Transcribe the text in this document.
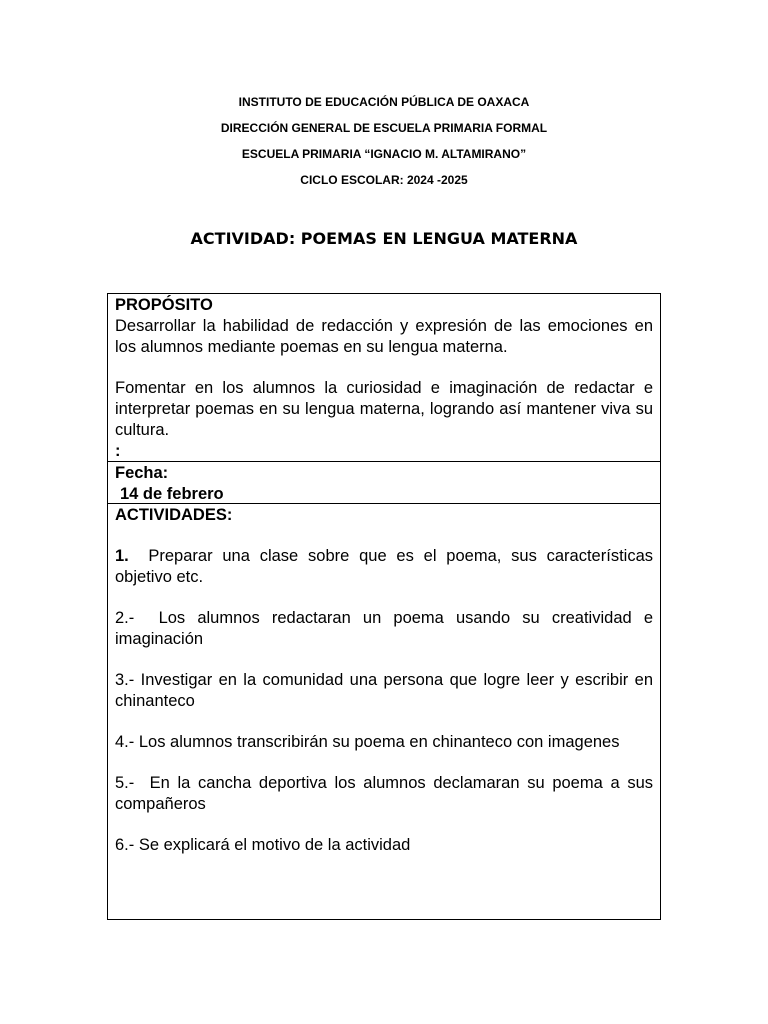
INSTITUTO DE EDUCACIÓN PÚBLICA DE OAXACA
DIRECCIÓN GENERAL DE ESCUELA PRIMARIA FORMAL
ESCUELA PRIMARIA “IGNACIO M. ALTAMIRANO”
CICLO ESCOLAR: 2024 -2025
ACTIVIDAD: POEMAS EN LENGUA MATERNA
PROPÓSITO
Desarrollar la habilidad de redacción y expresión de las emociones en los alumnos mediante poemas en su lengua materna.
Fomentar en los alumnos la curiosidad e imaginación de redactar e interpretar poemas en su lengua materna, logrando así mantener viva su cultura.
:
Fecha:
14 de febrero
ACTIVIDADES:
1. Preparar una clase sobre que es el poema, sus características objetivo etc.
2.- Los alumnos redactaran un poema usando su creatividad e imaginación
3.- Investigar en la comunidad una persona que logre leer y escribir en chinanteco
4.- Los alumnos transcribirán su poema en chinanteco con imagenes
5.- En la cancha deportiva los alumnos declamaran su poema a sus compañeros
6.- Se explicará el motivo de la actividad
